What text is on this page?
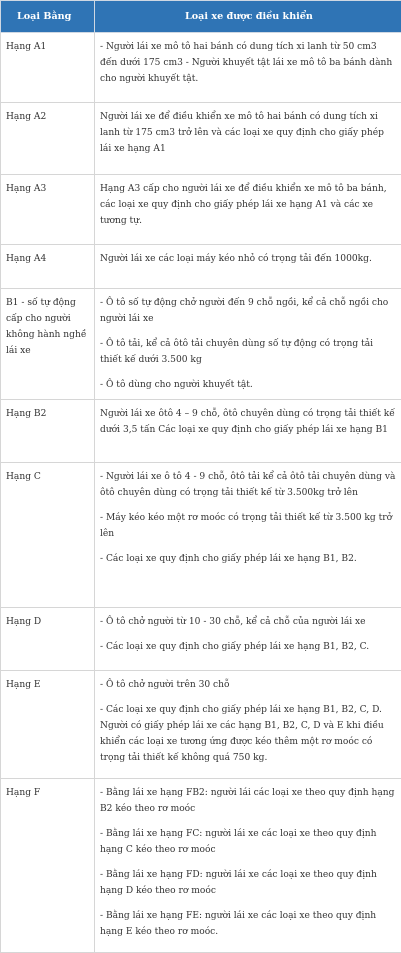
Loại Bằng	Loại xe được điều khiển
Hạng A1	- Người lái xe mô tô hai bánh có dung tích xi lanh từ 50 cm3 đến dưới 175 cm3 - Người khuyết tật lái xe mô tô ba bánh dành cho người khuyết tật.

Hạng A2	Người lái xe để điều khiển xe mô tô hai bánh có dung tích xi lanh từ 175 cm3 trở lên và các loại xe quy định cho giấy phép lái xe hạng A1

Hạng A3	Hạng A3 cấp cho người lái xe để điều khiển xe mô tô ba bánh, các loại xe quy định cho giấy phép lái xe hạng A1 và các xe tương tự.

Hạng A4	Người lái xe các loại máy kéo nhỏ có trọng tải đến 1000kg.

B1 - số tự động cấp cho người không hành nghề lái xe	- Ô tô số tự động chở người đến 9 chỗ ngồi, kể cả chỗ ngồi cho người lái xe
- Ô tô tải, kể cả ôtô tải chuyên dùng số tự động có trọng tải thiết kế dưới 3.500 kg
- Ô tô dùng cho người khuyết tật.

Hạng B2	Người lái xe ôtô 4 – 9 chỗ, ôtô chuyên dùng có trọng tải thiết kế dưới 3,5 tấn Các loại xe quy định cho giấy phép lái xe hạng B1

Hạng C	- Người lái xe ô tô 4 - 9 chỗ, ôtô tải kể cả ôtô tải chuyên dùng và ôtô chuyên dùng có trọng tải thiết kế từ 3.500kg trở lên
- Máy kéo kéo một rơ moóc có trọng tải thiết kế từ 3.500 kg trở lên
- Các loại xe quy định cho giấy phép lái xe hạng B1, B2.

Hạng D	- Ô tô chở người từ 10 - 30 chỗ, kể cả chỗ của người lái xe
- Các loại xe quy định cho giấy phép lái xe hạng B1, B2, C.

Hạng E	- Ô tô chở người trên 30 chỗ
- Các loại xe quy định cho giấy phép lái xe hạng B1, B2, C, D. Người có giấy phép lái xe các hạng B1, B2, C, D và E khi điều khiển các loại xe tương ứng được kéo thêm một rơ moóc có trọng tải thiết kế không quá 750 kg.

Hạng F	- Bằng lái xe hạng FB2: người lái các loại xe theo quy định hạng B2 kéo theo rơ moóc
- Bằng lái xe hạng FC: người lái xe các loại xe theo quy định hạng C kéo theo rơ moóc
- Bằng lái xe hạng FD: người lái xe các loại xe theo quy định hạng D kéo theo rơ moóc
- Bằng lái xe hạng FE: người lái xe các loại xe theo quy định hạng E kéo theo rơ moóc.
